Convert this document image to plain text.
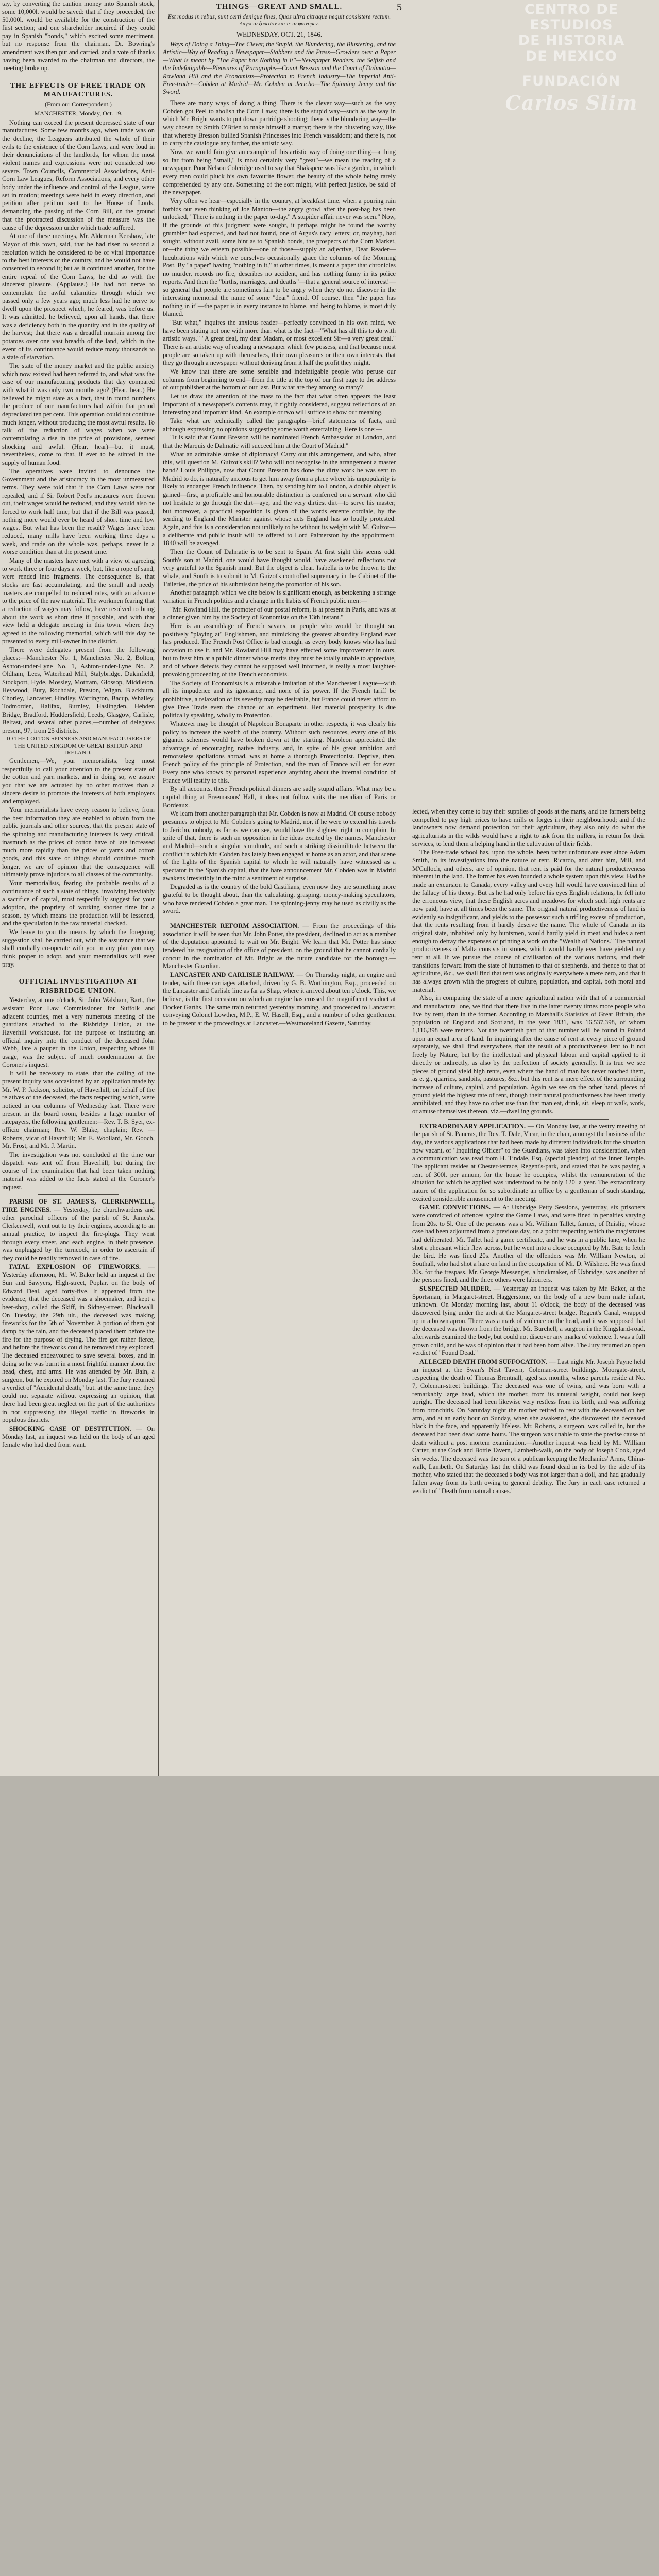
CENTRO DE
ESTUDIOS
DE HISTORIA
DE MEXICO
FUNDACIÓN
Carlos Slim
5

tay, by converting the caution money into Spanish stock, some 10,000l. would be saved: that if they proceeded, the 50,000l. would be available for the construction of the first section; and one shareholder inquired if they could pay in Spanish "bonds," which excited some merriment, but no response from the chairman. Dr. Bowring's amendment was then put and carried, and a vote of thanks having been awarded to the chairman and directors, the meeting broke up.

THE EFFECTS OF FREE TRADE ON MANUFACTURES.
(From our Correspondent.)
MANCHESTER, Monday, Oct. 19.

Nothing can exceed the present depressed state of our manufactures. Some few months ago, when trade was on the decline, the Leaguers attributed the whole of their evils to the existence of the Corn Laws, and were loud in their denunciations of the landlords, for whom the most violent names and expressions were not considered too severe. Town Councils, Commercial Associations, Anti-Corn Law Leagues, Reform Associations, and every other body under the influence and control of the League, were set in motion; meetings were held in every direction, and petition after petition sent to the House of Lords, demanding the passing of the Corn Bill, on the ground that the protracted discussion of the measure was the cause of the depression under which trade suffered.

At one of these meetings, Mr. Alderman Kershaw, late Mayor of this town, said, that he had risen to second a resolution which he considered to be of vital importance to the best interests of the country, and he would not have consented to second it; but as it continued another, for the entire repeal of the Corn Laws, he did so with the sincerest pleasure. (Applause.) He had not nerve to contemplate the awful calamities through which we passed only a few years ago; much less had he nerve to dwell upon the prospect which, he feared, was before us. It was admitted, he believed, upon all hands, that there was a deficiency both in the quantity and in the quality of the harvest; that there was a dreadful murrain among the potatoes over one vast breadth of the land, which in the event of its continuance would reduce many thousands to a state of starvation.

The state of the money market and the public anxiety which now existed had been referred to, and what was the case of our manufacturing products that day compared with what it was only two months ago? (Hear, hear.) He believed he might state as a fact, that in round numbers the produce of our manufactures had within that period depreciated ten per cent. This operation could not continue much longer, without producing the most awful results. To talk of the reduction of wages when we were contemplating a rise in the price of provisions, seemed shocking and awful. (Hear, hear)—but it must, nevertheless, come to that, if ever to be stinted in the supply of human food.

The operatives were invited to denounce the Government and the aristocracy in the most unmeasured terms. They were told that if the Corn Laws were not repealed, and if Sir Robert Peel's measures were thrown out, their wages would be reduced, and they would also be forced to work half time; but that if the Bill was passed, nothing more would ever be heard of short time and low wages. But what has been the result? Wages have been reduced, many mills have been working three days a week, and trade on the whole was, perhaps, never in a worse condition than at the present time.

Many of the masters have met with a view of agreeing to work three or four days a week, but, like a rope of sand, were rended into fragments. The consequence is, that stocks are fast accumulating, and the small and needy masters are compelled to reduced rates, with an advance to the price of the raw material. The workmen fearing that a reduction of wages may follow, have resolved to bring about the work as short time if possible, and with that view held a delegate meeting in this town, where they agreed to the following memorial, which will this day be presented to every mill-owner in the district.

There were delegates present from the following places:—Manchester No. 1, Manchester No. 2, Bolton, Ashton-under-Lyne No. 1, Ashton-under-Lyne No. 2, Oldham, Lees, Waterhead Mill, Stalybridge, Dukinfield, Stockport, Hyde, Mossley, Mottram, Glossop, Middleton, Heywood, Bury, Rochdale, Preston, Wigan, Blackburn, Chorley, Lancaster, Hindley, Warrington, Bacup, Whalley, Todmorden, Halifax, Burnley, Haslingden, Hebden Bridge, Bradford, Huddersfield, Leeds, Glasgow, Carlisle, Belfast, and several other places,—number of delegates present, 97, from 25 districts.

TO THE COTTON SPINNERS AND MANUFACTURERS OF THE UNITED KINGDOM OF GREAT BRITAIN AND IRELAND.

Gentlemen,—We, your memorialists, beg most respectfully to call your attention to the present state of the cotton and yarn markets, and in doing so, we assure you that we are actuated by no other motives than a sincere desire to promote the interests of both employers and employed.

Your memorialists have every reason to believe, from the best information they are enabled to obtain from the public journals and other sources, that the present state of the spinning and manufacturing interests is very critical, inasmuch as the prices of cotton have of late increased much more rapidly than the prices of yarns and cotton goods, and this state of things should continue much longer, we are of opinion that the consequence will ultimately prove injurious to all classes of the community.

Your memorialists, fearing the probable results of a continuance of such a state of things, involving inevitably a sacrifice of capital, most respectfully suggest for your adoption, the propriety of working shorter time for a season, by which means the production will be lessened, and the speculation in the raw material checked.

We leave to you the means by which the foregoing suggestion shall be carried out, with the assurance that we shall cordially co-operate with you in any plan you may think proper to adopt, and your memorialists will ever pray.

OFFICIAL INVESTIGATION AT RISBRIDGE UNION.

Yesterday, at one o'clock, Sir John Walsham, Bart., the assistant Poor Law Commissioner for Suffolk and adjacent counties, met a very numerous meeting of the guardians attached to the Risbridge Union, at the Haverhill workhouse, for the purpose of instituting an official inquiry into the conduct of the deceased John Webb, late a pauper in the Union, respecting whose ill usage, was the subject of much condemnation at the Coroner's inquest.

It will be necessary to state, that the calling of the present inquiry was occasioned by an application made by Mr. W. P. Jackson, solicitor, of Haverhill, on behalf of the relatives of the deceased, the facts respecting which, were noticed in our columns of Wednesday last. There were present in the board room, besides a large number of ratepayers, the following gentlemen:—Rev. T. B. Syer, ex-officio chairman; Rev. W. Blake, chaplain; Rev. — Roberts, vicar of Haverhill; Mr. E. Woollard, Mr. Gooch, Mr. Frost, and Mr. J. Martin.

The investigation was not concluded at the time our dispatch was sent off from Haverhill; but during the course of the examination that had been taken nothing material was added to the facts stated at the Coroner's inquest.

PARISH OF ST. JAMES'S, CLERKENWELL, FIRE ENGINES. — Yesterday, the churchwardens and other parochial officers of the parish of St. James's, Clerkenwell, went out to try their engines, according to an annual practice, to inspect the fire-plugs. They went through every street, and each engine, in their presence, was unplugged by the turncock, in order to ascertain if they could be readily removed in case of fire.

FATAL EXPLOSION OF FIREWORKS. — Yesterday afternoon, Mr. W. Baker held an inquest at the Sun and Sawyers, High-street, Poplar, on the body of Edward Deal, aged forty-five. It appeared from the evidence, that the deceased was a shoemaker, and kept a beer-shop, called the Skiff, in Sidney-street, Blackwall. On Tuesday, the 29th ult., the deceased was making fireworks for the 5th of November. A portion of them got damp by the rain, and the deceased placed them before the fire for the purpose of drying. The fire got rather fierce, and before the fireworks could be removed they exploded. The deceased endeavoured to save several boxes, and in doing so he was burnt in a most frightful manner about the head, chest, and arms. He was attended by Mr. Bain, a surgeon, but he expired on Monday last. The Jury returned a verdict of "Accidental death," but, at the same time, they could not separate without expressing an opinion, that there had been great neglect on the part of the authorities in not suppressing the illegal traffic in fireworks in populous districts.

SHOCKING CASE OF DESTITUTION. — On Monday last, an inquest was held on the body of an aged female who had died from want.

THINGS—GREAT AND SMALL.
Est modus in rebus, sunt certi denique fines, Quos ultra citraque nequit consistere rectum.
Λαγω τα ξουεστιν και τε τα φαινομεν.
WEDNESDAY, OCT. 21, 1846.

Ways of Doing a Thing—The Clever, the Stupid, the Blundering, the Blustering, and the Artistic—Way of Reading a Newspaper—Stabbers and the Press—Growlers over a Paper—What is meant by "The Paper has Nothing in it"—Newspaper Readers, the Selfish and the Indefatigable—Pleasures of Paragraphs—Count Bresson and the Court of Dalmatia—Rowland Hill and the Economists—Protection to French Industry—The Imperial Anti-Free-trader—Cobden at Madrid—Mr. Cobden at Jericho—The Spinning Jenny and the Sword.

There are many ways of doing a thing. There is the clever way—such as the way Cobden got Peel to abolish the Corn Laws; there is the stupid way—such as the way in which Mr. Bright wants to put down partridge shooting; there is the blundering way—the way chosen by Smith O'Brien to make himself a martyr; there is the blustering way, like that whereby Bresson bullied Spanish Princesses into French vassaldom; and there is, not to carry the catalogue any further, the artistic way.

Now, we would fain give an example of this artistic way of doing one thing—a thing so far from being "small," is most certainly very "great"—we mean the reading of a newspaper. Poor Nelson Coleridge used to say that Shakspere was like a garden, in which every man could pluck his own favourite flower, the beauty of the whole being rarely comprehended by any one. Something of the sort might, with perfect justice, be said of the newspaper.

Very often we hear—especially in the country, at breakfast time, when a pouring rain forbids our even thinking of Joe Manton—the angry growl after the post-bag has been unlocked, "There is nothing in the paper to-day." A stupider affair never was seen." Now, if the grounds of this judgment were sought, it perhaps might be found the worthy grumbler had expected, and had not found, one of Argus's racy letters; or, mayhap, had sought, without avail, some hint as to Spanish bonds, the prospects of the Corn Market, or—the thing we esteem possible—one of those—supply an adjective, Dear Reader—lucubrations with which we ourselves occasionally grace the columns of the Morning Post. By "a paper" having "nothing in it," at other times, is meant a paper that chronicles no murder, records no fire, describes no accident, and has nothing funny in its police reports. And then the "births, marriages, and deaths"—that a general source of interest!—so general that people are sometimes fain to be angry when they do not discover in the interesting memorial the name of some "dear" friend. Of course, then "the paper has nothing in it"—the paper is in every instance to blame, and being to blame, is most duly blamed.

"But what," inquires the anxious reader—perfectly convinced in his own mind, we have been stating not one with more than what is the fact—"What has all this to do with artistic ways." "A great deal, my dear Madam, or most excellent Sir—a very great deal." There is an artistic way of reading a newspaper which few possess, and that because most people are so taken up with themselves, their own pleasures or their own interests, that they go through a newspaper without deriving from it half the profit they might.

We know that there are some sensible and indefatigable people who peruse our columns from beginning to end—from the title at the top of our first page to the address of our publisher at the bottom of our last. But what are they among so many?

Let us draw the attention of the mass to the fact that what often appears the least important of a newspaper's contents may, if rightly considered, suggest reflections of an interesting and important kind. An example or two will suffice to show our meaning.

Take what are technically called the paragraphs—brief statements of facts, and although expressing no opinions suggesting some worth entertaining. Here is one:—

"It is said that Count Bresson will be nominated French Ambassador at London, and that the Marquis de Dalmatie will succeed him at the Court of Madrid."

What an admirable stroke of diplomacy! Carry out this arrangement, and who, after this, will question M. Guizot's skill? Who will not recognise in the arrangement a master hand? Louis Philippe, now that Count Bresson has done the dirty work he was sent to Madrid to do, is naturally anxious to get him away from a place where his unpopularity is likely to endanger French influence. Then, by sending him to London, a double object is gained—first, a profitable and honourable distinction is conferred on a servant who did not hesitate to go through the dirt—aye, and the very dirtiest dirt—to serve his master; but moreover, a practical exposition is given of the words entente cordiale, by the sending to England the Minister against whose acts England has so loudly protested. Again, and this is a consideration not unlikely to be without its weight with M. Guizot—a deliberate and public insult will be offered to Lord Palmerston by the appointment. 1840 will be avenged.

Then the Count of Dalmatie is to be sent to Spain. At first sight this seems odd. South's son at Madrid, one would have thought would, have awakened reflections not very grateful to the Spanish mind. But the object is clear. Isabella is to be thrown to the whale, and South is to submit to M. Guizot's controlled supremacy in the Cabinet of the Tuileries, the price of his submission being the promotion of his son.

Another paragraph which we cite below is significant enough, as betokening a strange variation in French politics and a change in the habits of French public men:—

"Mr. Rowland Hill, the promoter of our postal reform, is at present in Paris, and was at a dinner given him by the Society of Economists on the 13th instant."

Here is an assemblage of French savans, or people who would be thought so, positively "playing at" Englishmen, and mimicking the greatest absurdity England ever has produced. The French Post Office is bad enough, as every body knows who has had occasion to use it, and Mr. Rowland Hill may have effected some improvement in ours, but to feast him at a public dinner whose merits they must be totally unable to appreciate, and of whose defects they cannot be supposed well informed, is really a most laughter-provoking proceeding of the French economists.

The Society of Economists is a miserable imitation of the Manchester League—with all its impudence and its ignorance, and none of its power. If the French tariff be prohibitive, a relaxation of its severity may be desirable, but France could never afford to give Free Trade even the chance of an experiment. Her material prosperity is due politically speaking, wholly to Protection.

Whatever may be thought of Napoleon Bonaparte in other respects, it was clearly his policy to increase the wealth of the country. Without such resources, every one of his gigantic schemes would have broken down at the starting. Napoleon appreciated the advantage of encouraging native industry, and, in spite of his great ambition and remorseless spoliations abroad, was at home a thorough Protectionist. Deprive, then, French policy of the principle of Protection, and the man of France will err for ever. Every one who knows by personal experience anything about the internal condition of France will testify to this.

By all accounts, these French political dinners are sadly stupid affairs. What may be a capital thing at Freemasons' Hall, it does not follow suits the meridian of Paris or Bordeaux.

We learn from another paragraph that Mr. Cobden is now at Madrid. Of course nobody presumes to object to Mr. Cobden's going to Madrid, nor, if he were to extend his travels to Jericho, nobody, as far as we can see, would have the slightest right to complain. In spite of that, there is such an opposition in the ideas excited by the names, Manchester and Madrid—such a singular simultude, and such a striking dissimilitude between the conflict in which Mr. Cobden has lately been engaged at home as an actor, and that scene of the lights of the Spanish capital to which he will naturally have witnessed as a spectator in the Spanish capital, that the bare announcement Mr. Cobden was in Madrid awakens irresistibly in the mind a sentiment of surprise.

Degraded as is the country of the bold Castilians, even now they are something more grateful to be thought about, than the calculating, grasping, money-making speculators, who have rendered Cobden a great man. The spinning-jenny may be used as civilly as the sword.

MANCHESTER REFORM ASSOCIATION. — From the proceedings of this association it will be seen that Mr. John Potter, the president, declined to act as a member of the deputation appointed to wait on Mr. Bright. We learn that Mr. Potter has since tendered his resignation of the office of president, on the ground that he cannot cordially concur in the nomination of Mr. Bright as the future candidate for the borough.—Manchester Guardian.

LANCASTER AND CARLISLE RAILWAY. — On Thursday night, an engine and tender, with three carriages attached, driven by G. B. Worthington, Esq., proceeded on the Lancaster and Carlisle line as far as Shap, where it arrived about ten o'clock. This, we believe, is the first occasion on which an engine has crossed the magnificent viaduct at Docker Garths. The same train returned yesterday morning, and proceeded to Lancaster, conveying Colonel Lowther, M.P., E. W. Hasell, Esq., and a number of other gentlemen, to be present at the proceedings at Lancaster.—Westmoreland Gazette, Saturday.

lected, when they come to buy their supplies of goods at the marts, and the farmers being compelled to pay high prices to have mills or forges in their neighbourhood; and if the landowners now demand protection for their agriculture, they also only do what the agriculturists in the wilds would have a right to ask from the millers, in return for their services, to lend them a helping hand in the cultivation of their fields.

The Free-trade school has, upon the whole, been rather unfortunate ever since Adam Smith, in its investigations into the nature of rent. Ricardo, and after him, Mill, and M'Culloch, and others, are of opinion, that rent is paid for the natural productiveness inherent in the land. The former has even founded a whole system upon this view. Had he made an excursion to Canada, every valley and every hill would have convinced him of the fallacy of his theory. But as he had only before his eyes English relations, he fell into the erroneous view, that these English acres and meadows for which such high rents are now paid, have at all times been the same. The original natural productiveness of land is evidently so insignificant, and yields to the possessor such a trifling excess of production, that the rents resulting from it hardly deserve the name. The whole of Canada in its original state, inhabited only by huntsmen, would hardly yield in meat and hides a rent enough to defray the expenses of printing a work on the "Wealth of Nations." The natural productiveness of Malta consists in stones, which would hardly ever have yielded any rent at all. If we pursue the course of civilisation of the various nations, and their transitions forward from the state of huntsmen to that of shepherds, and thence to that of agriculture, &c., we shall find that rent was originally everywhere a mere zero, and that it has always grown with the progress of culture, population, and capital, both moral and material.

Also, in comparing the state of a mere agricultural nation with that of a commercial and manufactural one, we find that there live in the latter twenty times more people who live by rent, than in the former. According to Marshall's Statistics of Great Britain, the population of England and Scotland, in the year 1831, was 16,537,398, of whom 1,116,398 were renters. Not the twentieth part of that number will be found in Poland upon an equal area of land. In inquiring after the cause of rent at every piece of ground separately, we shall find everywhere, that the result of a productiveness lent to it not freely by Nature, but by the intellectual and physical labour and capital applied to it directly or indirectly, as also by the perfection of society generally. It is true we see pieces of ground yield high rents, even where the hand of man has never touched them, as e. g., quarries, sandpits, pastures, &c., but this rent is a mere effect of the surrounding increase of culture, capital, and population. Again we see on the other hand, pieces of ground yield the highest rate of rent, though their natural productiveness has been utterly annihilated, and they have no other use than that man eat, drink, sit, sleep or walk, work, or amuse themselves thereon, viz.—dwelling grounds.

EXTRAORDINARY APPLICATION. — On Monday last, at the vestry meeting of the parish of St. Pancras, the Rev. T. Dale, Vicar, in the chair, amongst the business of the day, the various applications that had been made by different individuals for the situation now vacant, of "Inquiring Officer" to the Guardians, was taken into consideration, when a communication was read from H. Tindale, Esq. (special pleader) of the Inner Temple. The applicant resides at Chester-terrace, Regent's-park, and stated that he was paying a rent of 300l. per annum, for the house he occupies, whilst the remuneration of the situation for which he applied was understood to be only 120l a year. The extraordinary nature of the application for so subordinate an office by a gentleman of such standing, excited considerable amusement to the meeting.

GAME CONVICTIONS. — At Uxbridge Petty Sessions, yesterday, six prisoners were convicted of offences against the Game Laws, and were fined in penalties varying from 20s. to 5l. One of the persons was a Mr. William Tallet, farmer, of Ruislip, whose case had been adjourned from a previous day, on a point respecting which the magistrates had deliberated. Mr. Tallet had a game certificate, and he was in a public lane, when he shot a pheasant which flew across, but he went into a close occupied by Mr. Bate to fetch the bird. He was fined 20s. Another of the offenders was Mr. William Newton, of Southall, who had shot a hare on land in the occupation of Mr. D. Wilshere. He was fined 30s. for the trespass. Mr. George Messenger, a brickmaker, of Uxbridge, was another of the persons fined, and the three others were labourers.

SUSPECTED MURDER. — Yesterday an inquest was taken by Mr. Baker, at the Sportsman, in Margaret-street, Haggerstone, on the body of a new born male infant, unknown. On Monday morning last, about 11 o'clock, the body of the deceased was discovered lying under the arch at the Margaret-street bridge, Regent's Canal, wrapped up in a brown apron. There was a mark of violence on the head, and it was supposed that the deceased was thrown from the bridge. Mr. Burchell, a surgeon in the Kingsland-road, afterwards examined the body, but could not discover any marks of violence. It was a full grown child, and he was of opinion that it had been born alive. The Jury returned an open verdict of "Found Dead."

ALLEGED DEATH FROM SUFFOCATION. — Last night Mr. Joseph Payne held an inquest at the Swan's Nest Tavern, Coleman-street buildings, Moorgate-street, respecting the death of Thomas Brentnall, aged six months, whose parents reside at No. 7, Coleman-street buildings. The deceased was one of twins, and was born with a remarkably large head, which the mother, from its unusual weight, could not keep upright. The deceased had been likewise very restless from its birth, and was suffering from bronchitis. On Saturday night the mother retired to rest with the deceased on her arm, and at an early hour on Sunday, when she awakened, she discovered the deceased black in the face, and apparently lifeless. Mr. Roberts, a surgeon, was called in, but the deceased had been dead some hours. The surgeon was unable to state the precise cause of death without a post mortem examination.—Another inquest was held by Mr. William Carter, at the Cock and Bottle Tavern, Lambeth-walk, on the body of Joseph Cook, aged six weeks. The deceased was the son of a publican keeping the Mechanics' Arms, China-walk, Lambeth. On Saturday last the child was found dead in its bed by the side of its mother, who stated that the deceased's body was not larger than a doll, and had gradually fallen away from its birth owing to general debility. The Jury in each case returned a verdict of "Death from natural causes."
